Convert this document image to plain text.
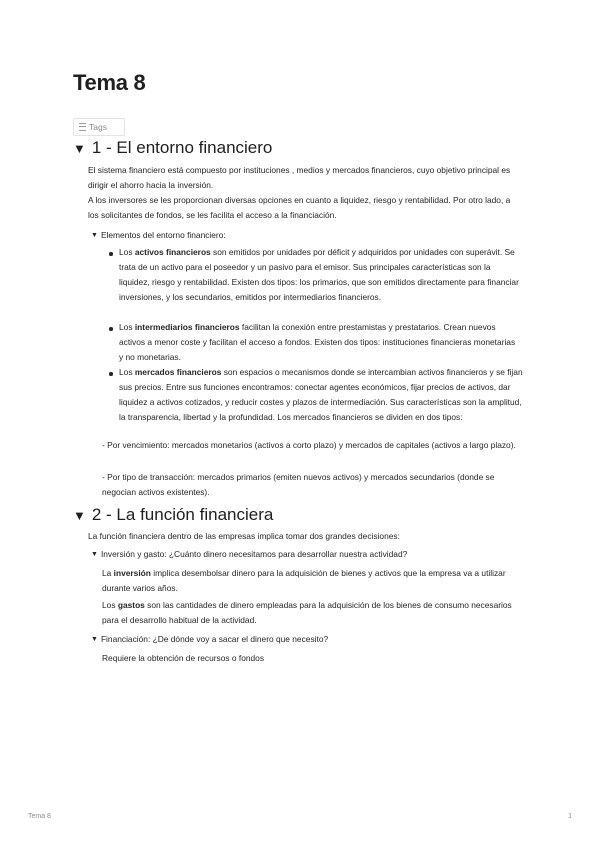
Tema 8
Tags
▼ 1 - El entorno financiero

El sistema financiero está compuesto por instituciones , medios y mercados financieros, cuyo objetivo principal es dirigir el ahorro hacia la inversión.

A los inversores se les proporcionan diversas opciones en cuanto a liquidez, riesgo y rentabilidad. Por otro lado, a los solicitantes de fondos, se les facilita el acceso a la financiación.

▼ Elementos del entorno financiero:
Los activos financieros son emitidos por unidades por déficit y adquiridos por unidades con superávit. Se trata de un activo para el poseedor y un pasivo para el emisor. Sus principales características son la liquidez, riesgo y rentabilidad. Existen dos tipos: los primarios, que son emitidos directamente para financiar inversiones, y los secundarios, emitidos por intermediarios financieros.
Los intermediarios financieros facilitan la conexión entre prestamistas y prestatarios. Crean nuevos activos a menor coste y facilitan el acceso a fondos. Existen dos tipos: instituciones financieras monetarias y no monetarias.
Los mercados financieros son espacios o mecanismos donde se intercambian activos financieros y se fijan sus precios. Entre sus funciones encontramos: conectar agentes económicos, fijar precios de activos, dar liquidez a activos cotizados, y reducir costes y plazos de intermediación. Sus características son la amplitud, la transparencia, libertad y la profundidad. Los mercados financieros se dividen en dos tipos:

- Por vencimiento: mercados monetarios (activos a corto plazo) y mercados de capitales (activos a largo plazo).

- Por tipo de transacción: mercados primarios (emiten nuevos activos) y mercados secundarios (donde se negocian activos existentes).

▼ 2 - La función financiera

La función financiera dentro de las empresas implica tomar dos grandes decisiones:

▼ Inversión y gasto: ¿Cuánto dinero necesitamos para desarrollar nuestra actividad?
La inversión implica desembolsar dinero para la adquisición de bienes y activos que la empresa va a utilizar durante varios años.
Los gastos son las cantidades de dinero empleadas para la adquisición de los bienes de consumo necesarios para el desarrollo habitual de la actividad.
▼ Financiación: ¿De dónde voy a sacar el dinero que necesito?

Requiere la obtención de recursos o fondos

Tema 8	1
